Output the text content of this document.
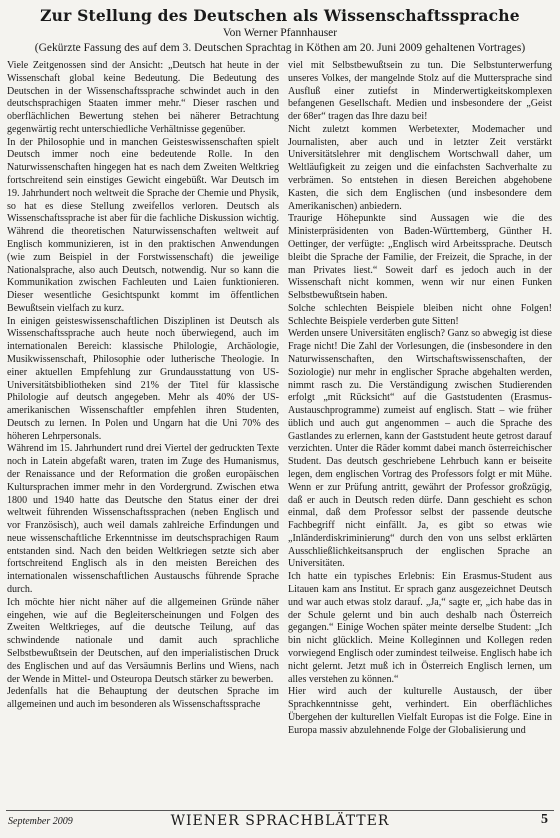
Zur Stellung des Deutschen als Wissenschaftssprache
Von Werner Pfannhauser
(Gekürzte Fassung des auf dem 3. Deutschen Sprachtag in Köthen am 20. Juni 2009 gehaltenen Vortrages)

Viele Zeitgenossen sind der Ansicht: „Deutsch hat heute in der Wissenschaft global keine Bedeutung. Die Bedeutung des Deutschen in der Wissenschaftssprache schwindet auch in den deutschsprachigen Staaten immer mehr.“ Dieser raschen und oberflächlichen Bewertung stehen bei näherer Betrachtung gegenwärtig recht unterschiedliche Verhältnisse gegenüber.

In der Philosophie und in manchen Geisteswissenschaften spielt Deutsch immer noch eine bedeutende Rolle. In den Naturwissenschaften hingegen hat es nach dem Zweiten Weltkrieg fortschreitend sein einstiges Gewicht eingebüßt. War Deutsch im 19. Jahrhundert noch weltweit die Sprache der Chemie und Physik, so hat es diese Stellung zweifellos verloren. Deutsch als Wissenschaftssprache ist aber für die fachliche Diskussion wichtig. Während die theoretischen Naturwissenschaften weltweit auf Englisch kommunizieren, ist in den praktischen Anwendungen (wie zum Beispiel in der Forstwissenschaft) die jeweilige Nationalsprache, also auch Deutsch, notwendig. Nur so kann die Kommunikation zwischen Fachleuten und Laien funktionieren. Dieser wesentliche Gesichtspunkt kommt im öffentlichen Bewußtsein vielfach zu kurz.

In einigen geisteswissenschaftlichen Disziplinen ist Deutsch als Wissenschaftssprache auch heute noch überwiegend, auch im internationalen Bereich: klassische Philologie, Archäologie, Musikwissenschaft, Philosophie oder lutherische Theologie. In einer aktuellen Empfehlung zur Grundausstattung von US-Universitätsbibliotheken sind 21% der Titel für klassische Philologie auf deutsch angegeben. Mehr als 40% der US-amerikanischen Wissenschaftler empfehlen ihren Studenten, Deutsch zu lernen. In Polen und Ungarn hat die Uni 70% des höheren Lehrpersonals.

Während im 15. Jahrhundert rund drei Viertel der gedruckten Texte noch in Latein abgefaßt waren, traten im Zuge des Humanismus, der Renaissance und der Reformation die großen europäischen Kultursprachen immer mehr in den Vordergrund. Zwischen etwa 1800 und 1940 hatte das Deutsche den Status einer der drei weltweit führenden Wissenschaftssprachen (neben Englisch und vor Französisch), auch weil damals zahlreiche Erfindungen und neue wissenschaftliche Erkenntnisse im deutschsprachigen Raum entstanden sind. Nach den beiden Weltkriegen setzte sich aber fortschreitend Englisch als in den meisten Bereichen des internationalen wissenschaftlichen Austauschs führende Sprache durch.

Ich möchte hier nicht näher auf die allgemeinen Gründe näher eingehen, wie auf die Begleiterscheinungen und Folgen des Zweiten Weltkrieges, auf die deutsche Teilung, auf das schwindende nationale und damit auch sprachliche Selbstbewußtsein der Deutschen, auf den imperialistischen Druck des Englischen und auf das Versäumnis Berlins und Wiens, nach der Wende in Mittel- und Osteuropa Deutsch stärker zu bewerben.

Jedenfalls hat die Behauptung der deutschen Sprache im allgemeinen und auch im besonderen als Wissenschaftssprache

viel mit Selbstbewußtsein zu tun. Die Selbstunterwerfung unseres Volkes, der mangelnde Stolz auf die Muttersprache sind Ausfluß einer zutiefst in Minderwertigkeitskomplexen befangenen Gesellschaft. Medien und insbesondere der „Geist der 68er“ tragen das Ihre dazu bei!

Nicht zuletzt kommen Werbetexter, Modemacher und Journalisten, aber auch und in letzter Zeit verstärkt Universitätslehrer mit denglischem Wortschwall daher, um Weltläufigkeit zu zeigen und die einfachsten Sachverhalte zu verbrämen. So entstehen in diesen Bereichen abgehobene Kasten, die sich dem Englischen (und insbesondere dem Amerikanischen) anbiedern.

Traurige Höhepunkte sind Aussagen wie die des Ministerpräsidenten von Baden-Württemberg, Günther H. Oettinger, der verfügte: „Englisch wird Arbeitssprache. Deutsch bleibt die Sprache der Familie, der Freizeit, die Sprache, in der man Privates liest.“ Soweit darf es jedoch auch in der Wissenschaft nicht kommen, wenn wir nur einen Funken Selbstbewußtsein haben.

Solche schlechten Beispiele bleiben nicht ohne Folgen! Schlechte Beispiele verderben gute Sitten!

Werden unsere Universitäten englisch? Ganz so abwegig ist diese Frage nicht! Die Zahl der Vorlesungen, die (insbesondere in den Naturwissenschaften, den Wirtschaftswissenschaften, der Soziologie) nur mehr in englischer Sprache abgehalten werden, nimmt rasch zu. Die Verständigung zwischen Studierenden erfolgt „mit Rücksicht“ auf die Gaststudenten (Erasmus-Austauschprogramme) zumeist auf englisch. Statt – wie früher üblich und auch gut angenommen – auch die Sprache des Gastlandes zu erlernen, kann der Gaststudent heute getrost darauf verzichten. Unter die Räder kommt dabei manch österreichischer Student. Das deutsch geschriebene Lehrbuch kann er beiseite legen, dem englischen Vortrag des Professors folgt er mit Mühe. Wenn er zur Prüfung antritt, gewährt der Professor großzügig, daß er auch in Deutsch reden dürfe. Dann geschieht es schon einmal, daß dem Professor selbst der passende deutsche Fachbegriff nicht einfällt. Ja, es gibt so etwas wie „Inländerdiskriminierung“ durch den von uns selbst erklärten Ausschließlichkeitsanspruch der englischen Sprache an Universitäten.

Ich hatte ein typisches Erlebnis: Ein Erasmus-Student aus Litauen kam ans Institut. Er sprach ganz ausgezeichnet Deutsch und war auch etwas stolz darauf. „Ja,“ sagte er, „ich habe das in der Schule gelernt und bin auch deshalb nach Österreich gegangen.“ Einige Wochen später meinte derselbe Student: „Ich bin nicht glücklich. Meine Kolleginnen und Kollegen reden vorwiegend Englisch oder zumindest teilweise. Englisch habe ich nicht gelernt. Jetzt muß ich in Österreich Englisch lernen, um alles verstehen zu können.“

Hier wird auch der kulturelle Austausch, der über Sprachkenntnisse geht, verhindert. Ein oberflächliches Übergehen der kulturellen Vielfalt Europas ist die Folge. Eine in Europa massiv abzulehnende Folge der Globalisierung und

September 2009	WIENER SPRACHBLÄTTER	5
